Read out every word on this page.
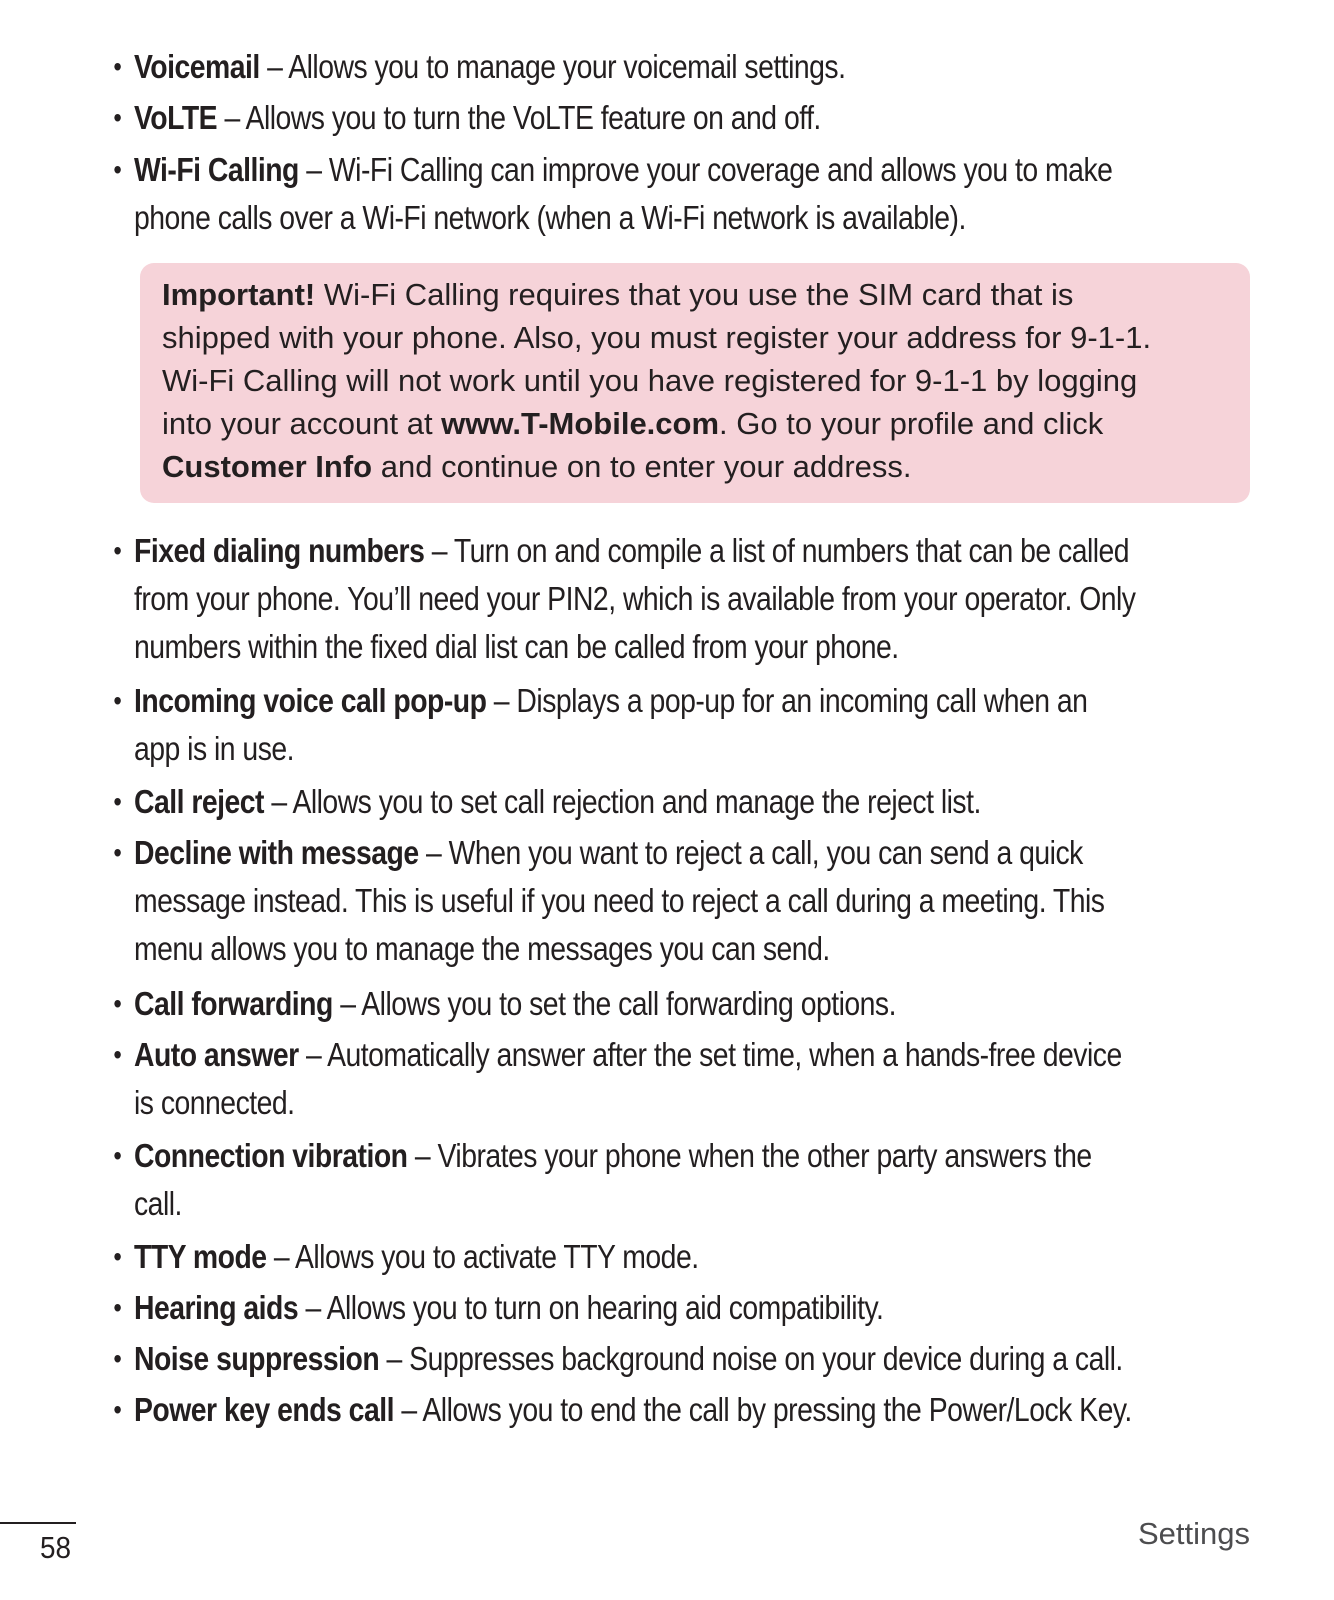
• Voicemail – Allows you to manage your voicemail settings.
• VoLTE – Allows you to turn the VoLTE feature on and off.
• Wi-Fi Calling – Wi-Fi Calling can improve your coverage and allows you to make
phone calls over a Wi-Fi network (when a Wi-Fi network is available).
Important! Wi-Fi Calling requires that you use the SIM card that is
shipped with your phone. Also, you must register your address for 9-1-1.
Wi-Fi Calling will not work until you have registered for 9-1-1 by logging
into your account at www.T-Mobile.com. Go to your profile and click
Customer Info and continue on to enter your address.
• Fixed dialing numbers – Turn on and compile a list of numbers that can be called
from your phone. You’ll need your PIN2, which is available from your operator. Only
numbers within the fixed dial list can be called from your phone.
• Incoming voice call pop-up – Displays a pop-up for an incoming call when an
app is in use.
• Call reject – Allows you to set call rejection and manage the reject list.
• Decline with message – When you want to reject a call, you can send a quick
message instead. This is useful if you need to reject a call during a meeting. This
menu allows you to manage the messages you can send.
• Call forwarding – Allows you to set the call forwarding options.
• Auto answer – Automatically answer after the set time, when a hands-free device
is connected.
• Connection vibration – Vibrates your phone when the other party answers the
call.
• TTY mode – Allows you to activate TTY mode.
• Hearing aids – Allows you to turn on hearing aid compatibility.
• Noise suppression – Suppresses background noise on your device during a call.
• Power key ends call – Allows you to end the call by pressing the Power/Lock Key.
58	Settings
